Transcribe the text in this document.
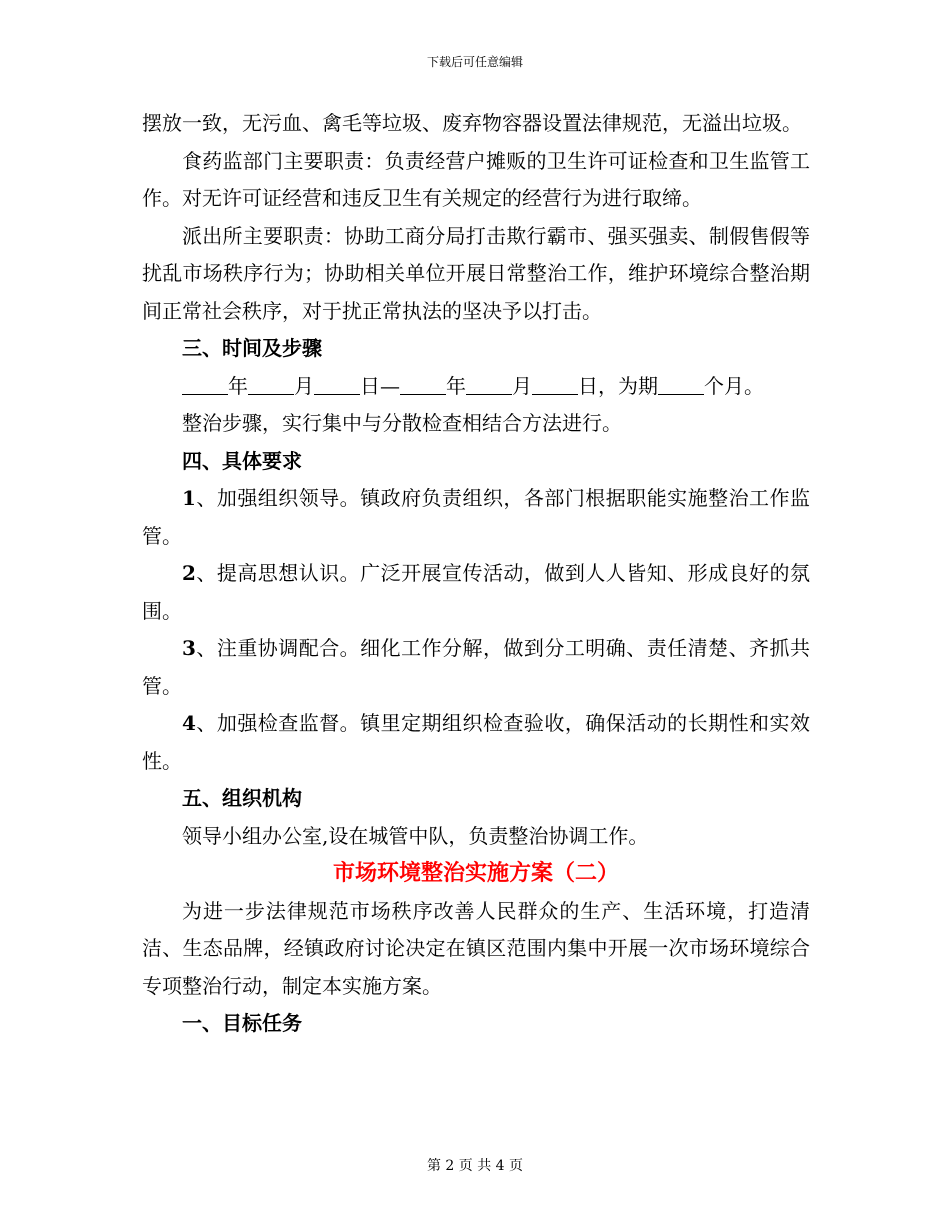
下载后可任意编辑

摆放一致，无污血、禽毛等垃圾、废弃物容器设置法律规范，无溢出垃圾。

食药监部门主要职责：负责经营户摊贩的卫生许可证检查和卫生监管工作。对无许可证经营和违反卫生有关规定的经营行为进行取缔。

派出所主要职责：协助工商分局打击欺行霸市、强买强卖、制假售假等扰乱市场秩序行为；协助相关单位开展日常整治工作，维护环境综合整治期间正常社会秩序，对于扰正常执法的坚决予以打击。

三、时间及步骤

年 月 日— 年 月 日，为期 个月。

整治步骤，实行集中与分散检查相结合方法进行。

四、具体要求

1、加强组织领导。镇政府负责组织，各部门根据职能实施整治工作监管。

2、提高思想认识。广泛开展宣传活动，做到人人皆知、形成良好的氛围。

3、注重协调配合。细化工作分解，做到分工明确、责任清楚、齐抓共管。

4、加强检查监督。镇里定期组织检查验收，确保活动的长期性和实效性。

五、组织机构

领导小组办公室,设在城管中队，负责整治协调工作。

市场环境整治实施方案（二）

为进一步法律规范市场秩序改善人民群众的生产、生活环境，打造清洁、生态品牌，经镇政府讨论决定在镇区范围内集中开展一次市场环境综合专项整治行动，制定本实施方案。

一、目标任务

第 2 页 共 4 页
